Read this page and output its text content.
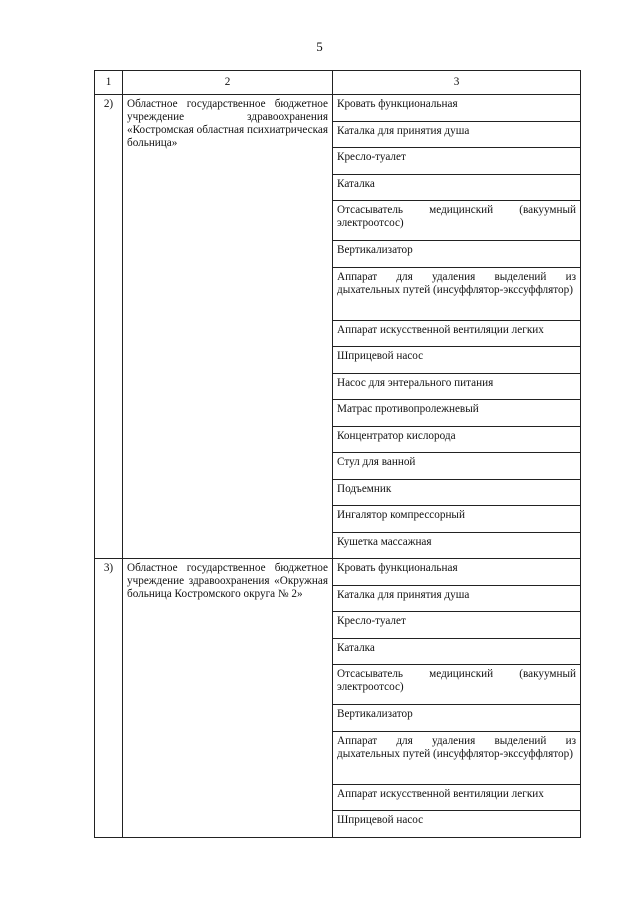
5
1	2	3
2)	Областное государственное бюджетное учреждение здравоохранения «Костромская областная психиатрическая больница»	Кровать функциональная
		Каталка для принятия душа
		Кресло-туалет
		Каталка
		Отсасыватель медицинский (вакуумный электроотсос)
		Вертикализатор
		Аппарат для удаления выделений из дыхательных путей (инсуффлятор-экссуффлятор)
		Аппарат искусственной вентиляции легких
		Шприцевой насос
		Насос для энтерального питания
		Матрас противопролежневый
		Концентратор кислорода
		Стул для ванной
		Подъемник
		Ингалятор компрессорный
		Кушетка массажная
3)	Областное государственное бюджетное учреждение здравоохранения «Окружная больница Костромского округа № 2»	Кровать функциональная
		Каталка для принятия душа
		Кресло-туалет
		Каталка
		Отсасыватель медицинский (вакуумный электроотсос)
		Вертикализатор
		Аппарат для удаления выделений из дыхательных путей (инсуффлятор-экссуффлятор)
		Аппарат искусственной вентиляции легких
		Шприцевой насос
